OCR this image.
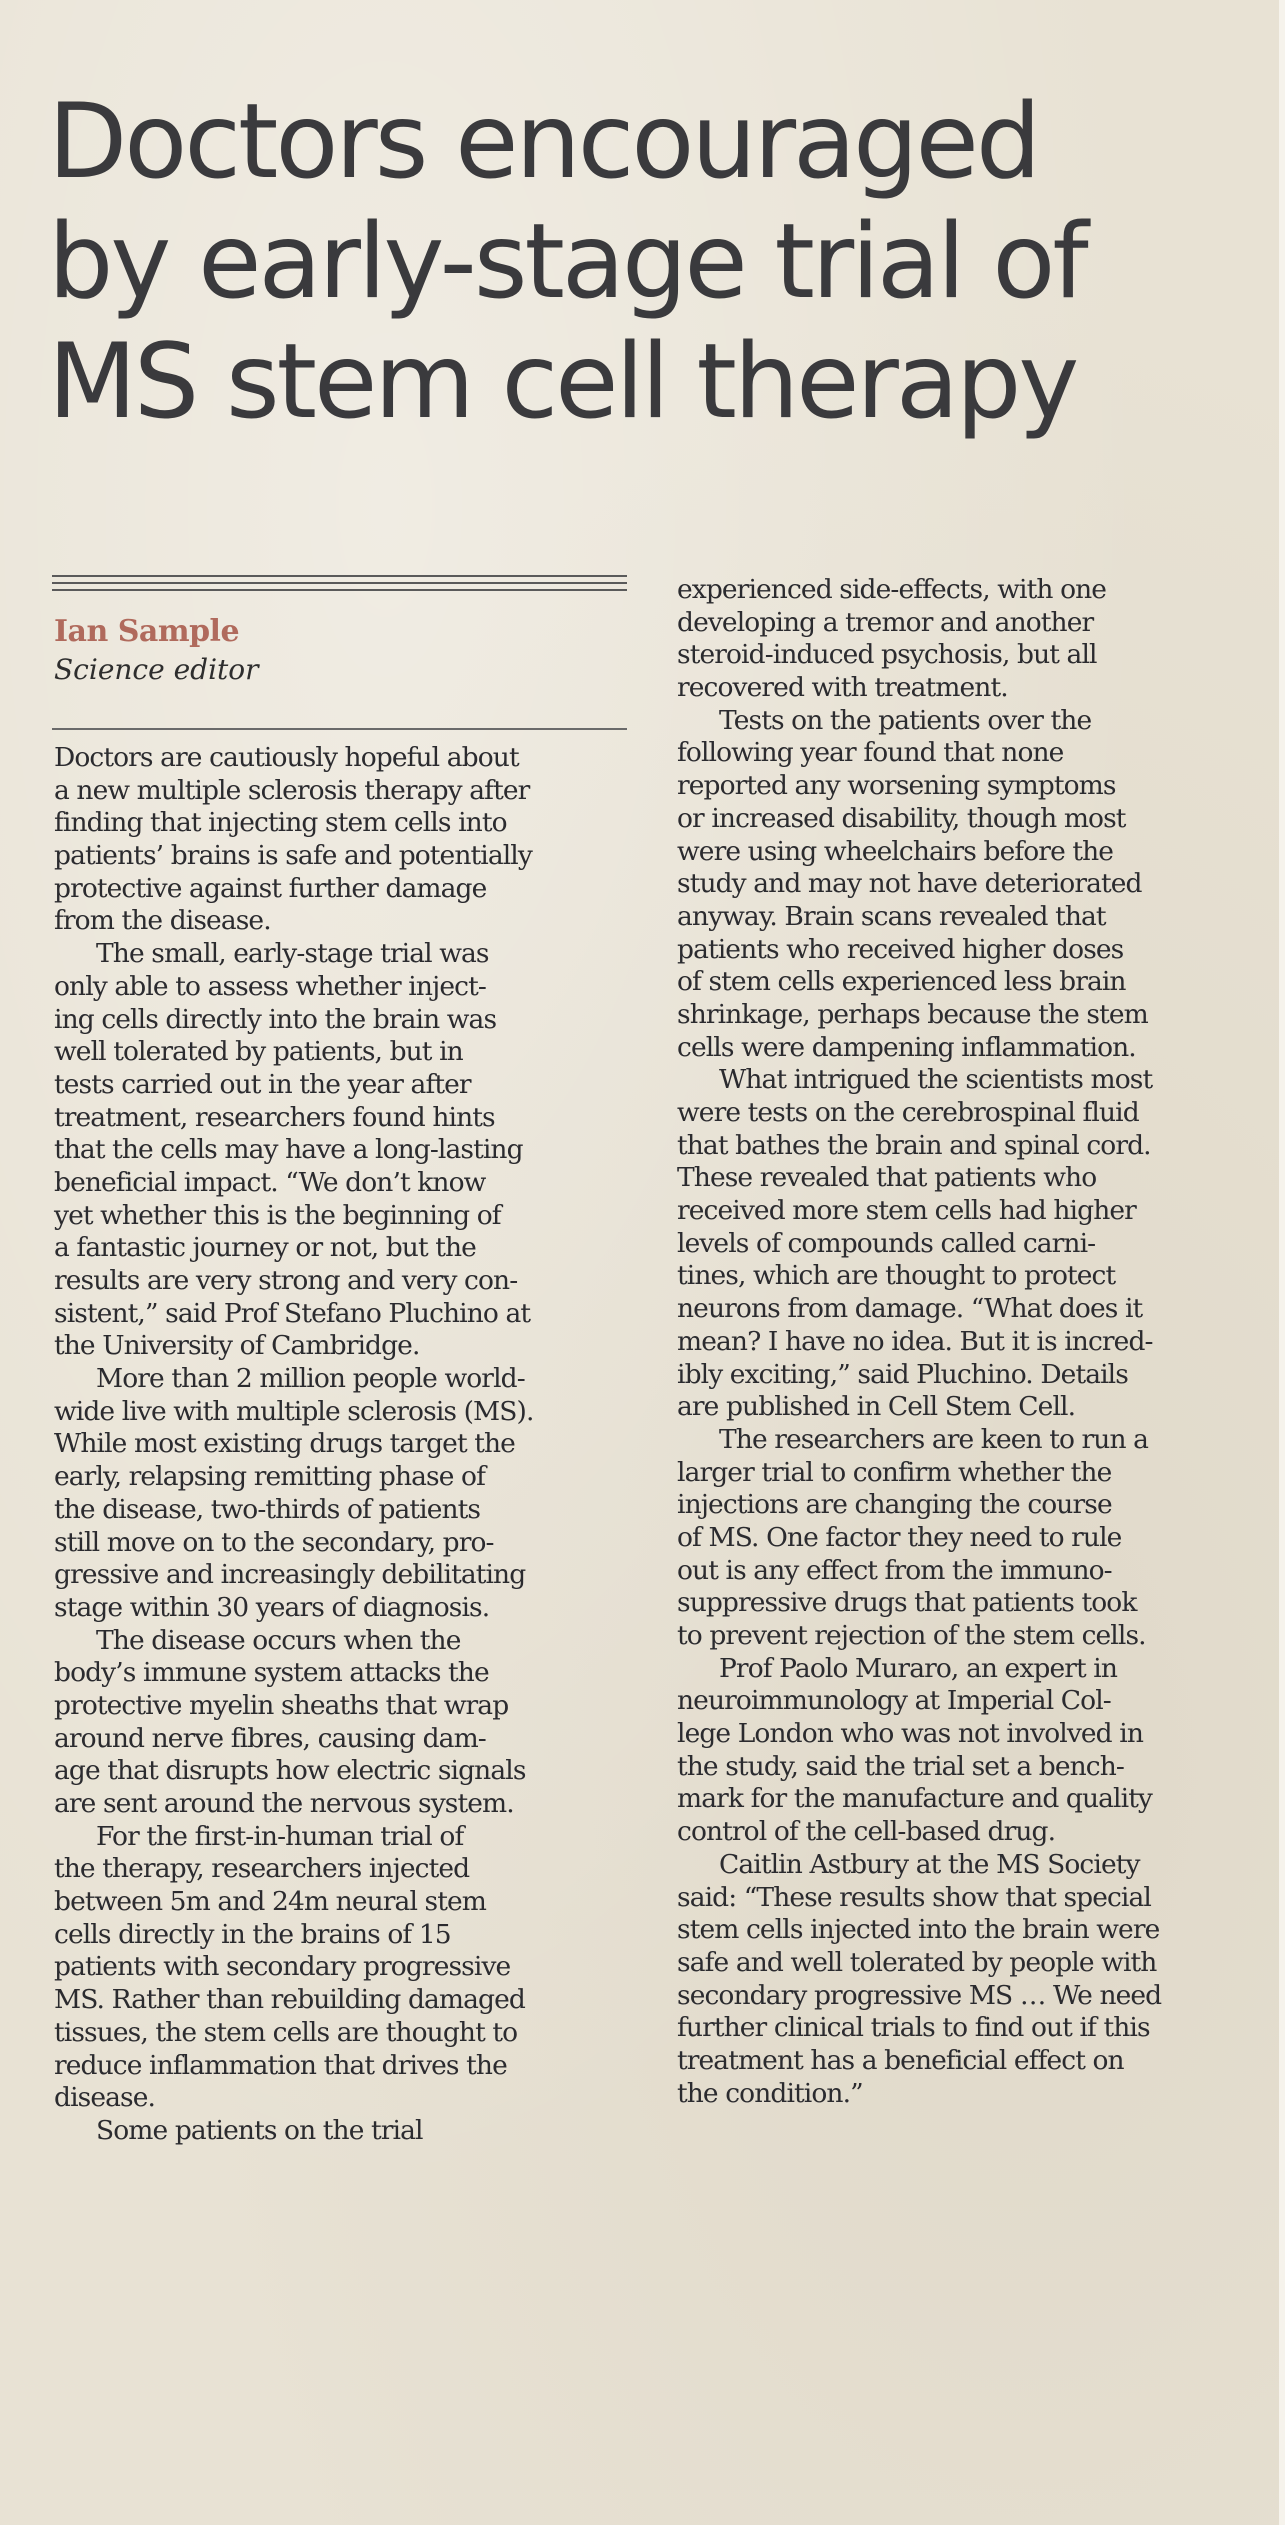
Doctors encouraged
by early-stage trial of
MS stem cell therapy
Ian Sample
Science editor
Doctors are cautiously hopeful about
a new multiple sclerosis therapy after
finding that injecting stem cells into
patients’ brains is safe and potentially
protective against further damage
from the disease.
The small, early-stage trial was
only able to assess whether inject-
ing cells directly into the brain was
well tolerated by patients, but in
tests carried out in the year after
treatment, researchers found hints
that the cells may have a long-lasting
beneficial impact. “We don’t know
yet whether this is the beginning of
a fantastic journey or not, but the
results are very strong and very con-
sistent,” said Prof Stefano Pluchino at
the University of Cambridge.
More than 2 million people world-
wide live with multiple sclerosis (MS).
While most existing drugs target the
early, relapsing remitting phase of
the disease, two-thirds of patients
still move on to the secondary, pro-
gressive and increasingly debilitating
stage within 30 years of diagnosis.
The disease occurs when the
body’s immune system attacks the
protective myelin sheaths that wrap
around nerve fibres, causing dam-
age that disrupts how electric signals
are sent around the nervous system.
For the first-in-human trial of
the therapy, researchers injected
between 5m and 24m neural stem
cells directly in the brains of 15
patients with secondary progressive
MS. Rather than rebuilding damaged
tissues, the stem cells are thought to
reduce inflammation that drives the
disease.
Some patients on the trial
experienced side-effects, with one
developing a tremor and another
steroid-induced psychosis, but all
recovered with treatment.
Tests on the patients over the
following year found that none
reported any worsening symptoms
or increased disability, though most
were using wheelchairs before the
study and may not have deteriorated
anyway. Brain scans revealed that
patients who received higher doses
of stem cells experienced less brain
shrinkage, perhaps because the stem
cells were dampening inflammation.
What intrigued the scientists most
were tests on the cerebrospinal fluid
that bathes the brain and spinal cord.
These revealed that patients who
received more stem cells had higher
levels of compounds called carni-
tines, which are thought to protect
neurons from damage. “What does it
mean? I have no idea. But it is incred-
ibly exciting,” said Pluchino. Details
are published in Cell Stem Cell.
The researchers are keen to run a
larger trial to confirm whether the
injections are changing the course
of MS. One factor they need to rule
out is any effect from the immuno-
suppressive drugs that patients took
to prevent rejection of the stem cells.
Prof Paolo Muraro, an expert in
neuroimmunology at Imperial Col-
lege London who was not involved in
the study, said the trial set a bench-
mark for the manufacture and quality
control of the cell-based drug.
Caitlin Astbury at the MS Society
said: “These results show that special
stem cells injected into the brain were
safe and well tolerated by people with
secondary progressive MS … We need
further clinical trials to find out if this
treatment has a beneficial effect on
the condition.”
